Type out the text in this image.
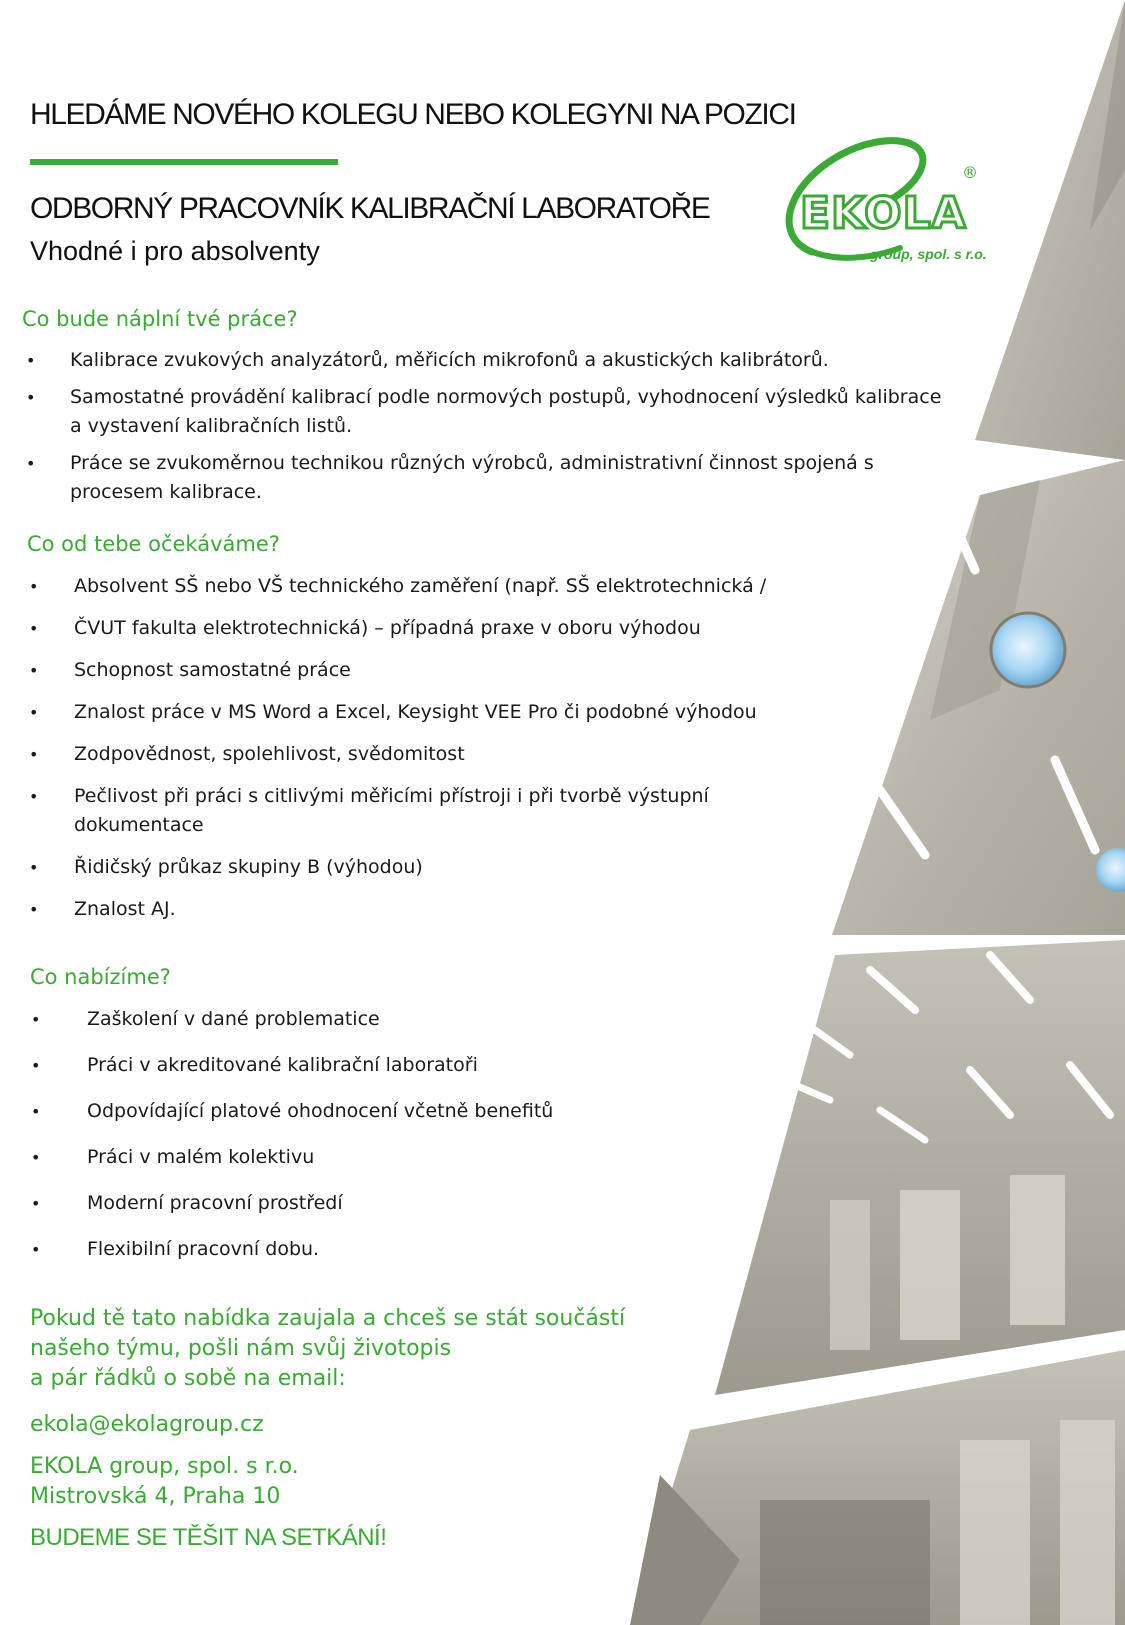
HLEDÁME NOVÉHO KOLEGU NEBO KOLEGYNI NA POZICI
ODBORNÝ PRACOVNÍK KALIBRAČNÍ LABORATOŘE

Vhodné i pro absolventy

EKOLA
®
group, spol. s r.o.
Co bude náplní tvé práce?
• Kalibrace zvukových analyzátorů, měřicích mikrofonů a akustických kalibrátorů.
• Samostatné provádění kalibrací podle normových postupů, vyhodnocení výsledků kalibrace a vystavení kalibračních listů.
• Práce se zvukoměrnou technikou různých výrobců, administrativní činnost spojená s procesem kalibrace.
Co od tebe očekáváme?
• Absolvent SŠ nebo VŠ technického zaměření (např. SŠ elektrotechnická /
• ČVUT fakulta elektrotechnická) – případná praxe v oboru výhodou
• Schopnost samostatné práce
• Znalost práce v MS Word a Excel, Keysight VEE Pro či podobné výhodou
• Zodpovědnost, spolehlivost, svědomitost
• Pečlivost při práci s citlivými měřicími přístroji i při tvorbě výstupní dokumentace
• Řidičský průkaz skupiny B (výhodou)
• Znalost AJ.
Co nabízíme?
• Zaškolení v dané problematice
• Práci v akreditované kalibrační laboratoři
• Odpovídající platové ohodnocení včetně benefitů
• Práci v malém kolektivu
• Moderní pracovní prostředí
• Flexibilní pracovní dobu.
Pokud tě tato nabídka zaujala a chceš se stát součástí
našeho týmu, pošli nám svůj životopis
a pár řádků o sobě na email:
ekola@ekolagroup.cz
EKOLA group, spol. s r.o.
Mistrovská 4, Praha 10

BUDEME SE TĚŠIT NA SETKÁNÍ!
